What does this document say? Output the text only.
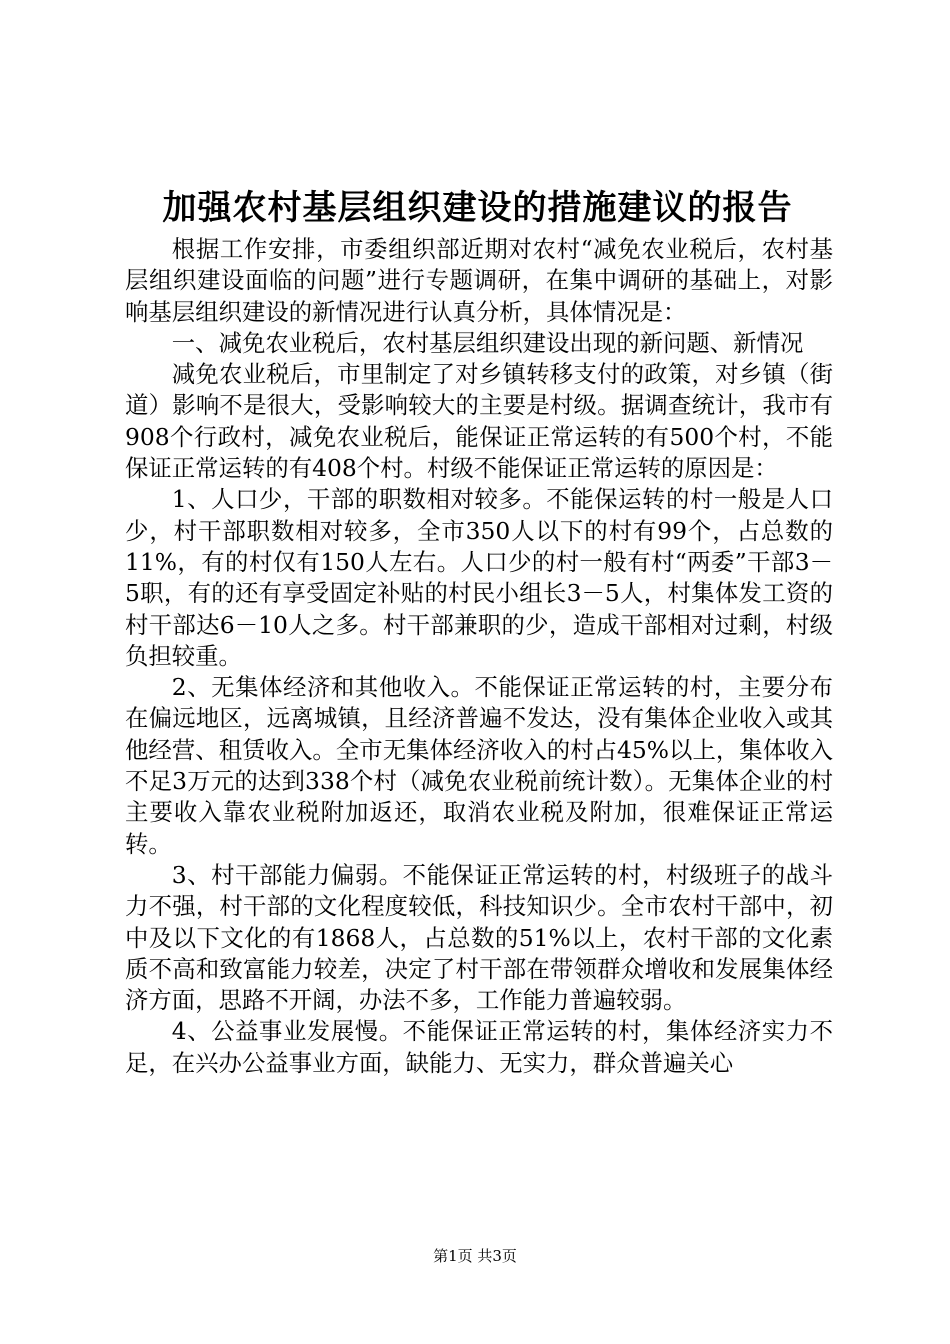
加强农村基层组织建设的措施建议的报告

根据工作安排，市委组织部近期对农村“减免农业税后，农村基层组织建设面临的问题”进行专题调研，在集中调研的基础上，对影响基层组织建设的新情况进行认真分析，具体情况是：

一、减免农业税后，农村基层组织建设出现的新问题、新情况

减免农业税后，市里制定了对乡镇转移支付的政策，对乡镇（街道）影响不是很大，受影响较大的主要是村级。据调查统计，我市有908个行政村，减免农业税后，能保证正常运转的有500个村，不能保证正常运转的有408个村。村级不能保证正常运转的原因是：

1、人口少，干部的职数相对较多。不能保运转的村一般是人口少，村干部职数相对较多，全市350人以下的村有99个，占总数的11%，有的村仅有150人左右。人口少的村一般有村“两委”干部3－5职，有的还有享受固定补贴的村民小组长3－5人，村集体发工资的村干部达6－10人之多。村干部兼职的少，造成干部相对过剩，村级负担较重。

2、无集体经济和其他收入。不能保证正常运转的村，主要分布在偏远地区，远离城镇，且经济普遍不发达，没有集体企业收入或其他经营、租赁收入。全市无集体经济收入的村占45%以上，集体收入不足3万元的达到338个村（减免农业税前统计数）。无集体企业的村主要收入靠农业税附加返还，取消农业税及附加，很难保证正常运转。

3、村干部能力偏弱。不能保证正常运转的村，村级班子的战斗力不强，村干部的文化程度较低，科技知识少。全市农村干部中，初中及以下文化的有1868人，占总数的51%以上，农村干部的文化素质不高和致富能力较差，决定了村干部在带领群众增收和发展集体经济方面，思路不开阔，办法不多，工作能力普遍较弱。

4、公益事业发展慢。不能保证正常运转的村，集体经济实力不足，在兴办公益事业方面，缺能力、无实力，群众普遍关心

第1页 共3页
